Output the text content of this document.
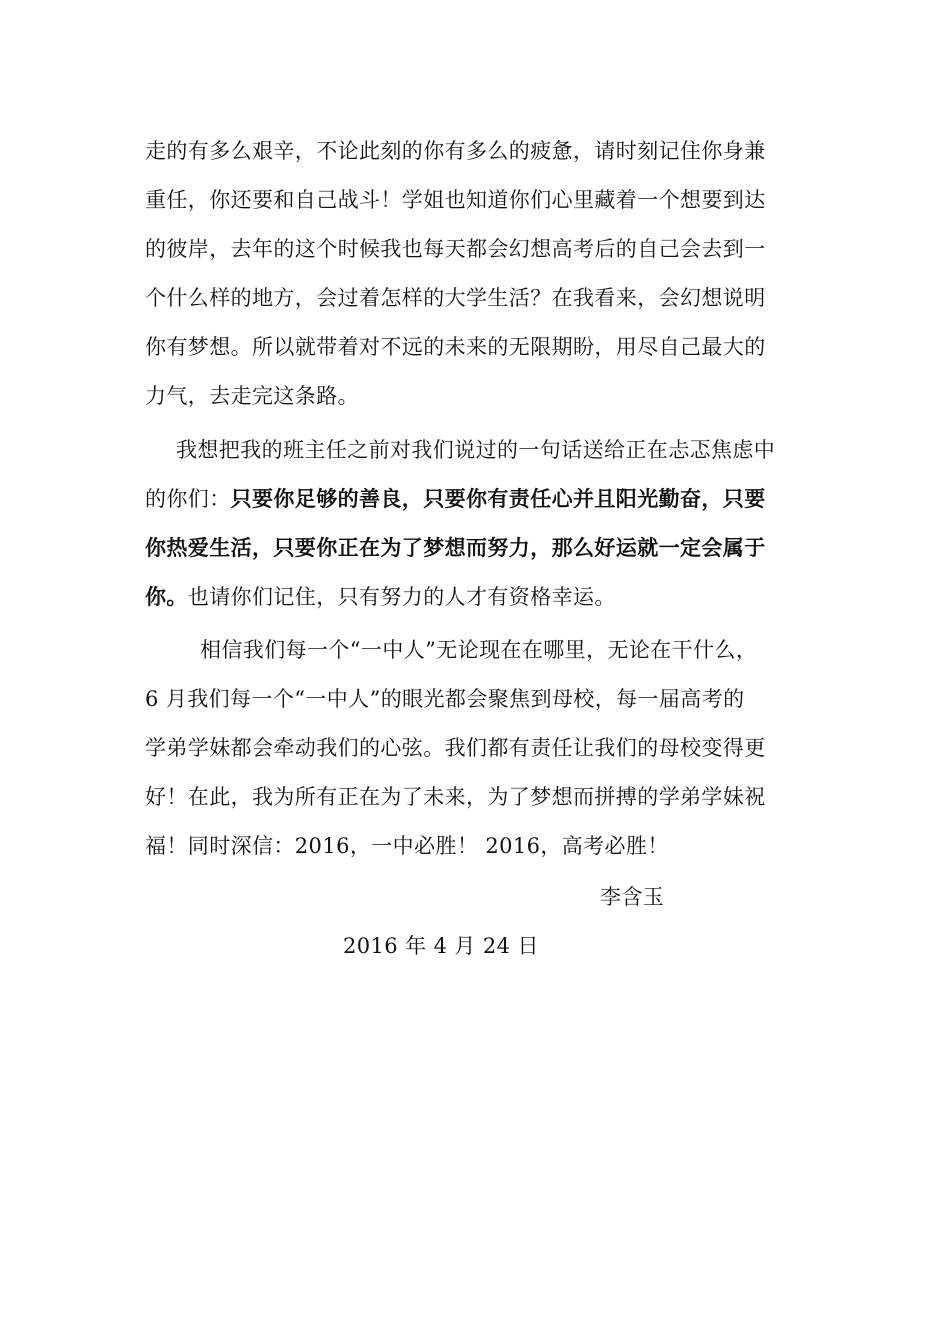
走的有多么艰辛，不论此刻的你有多么的疲惫，请时刻记住你身兼
重任，你还要和自己战斗！学姐也知道你们心里藏着一个想要到达
的彼岸，去年的这个时候我也每天都会幻想高考后的自己会去到一
个什么样的地方，会过着怎样的大学生活？在我看来，会幻想说明
你有梦想。所以就带着对不远的未来的无限期盼，用尽自己最大的
力气，去走完这条路。
我想把我的班主任之前对我们说过的一句话送给正在忐忑焦虑中
的你们：只要你足够的善良，只要你有责任心并且阳光勤奋，只要
你热爱生活，只要你正在为了梦想而努力，那么好运就一定会属于
你。也请你们记住，只有努力的人才有资格幸运。
相信我们每一个“一中人”无论现在在哪里，无论在干什么，
6 月我们每一个“一中人”的眼光都会聚焦到母校，每一届高考的
学弟学妹都会牵动我们的心弦。我们都有责任让我们的母校变得更
好！在此，我为所有正在为了未来，为了梦想而拼搏的学弟学妹祝
福！同时深信：2016，一中必胜！ 2016，高考必胜！
李含玉
2016 年 4 月 24 日
